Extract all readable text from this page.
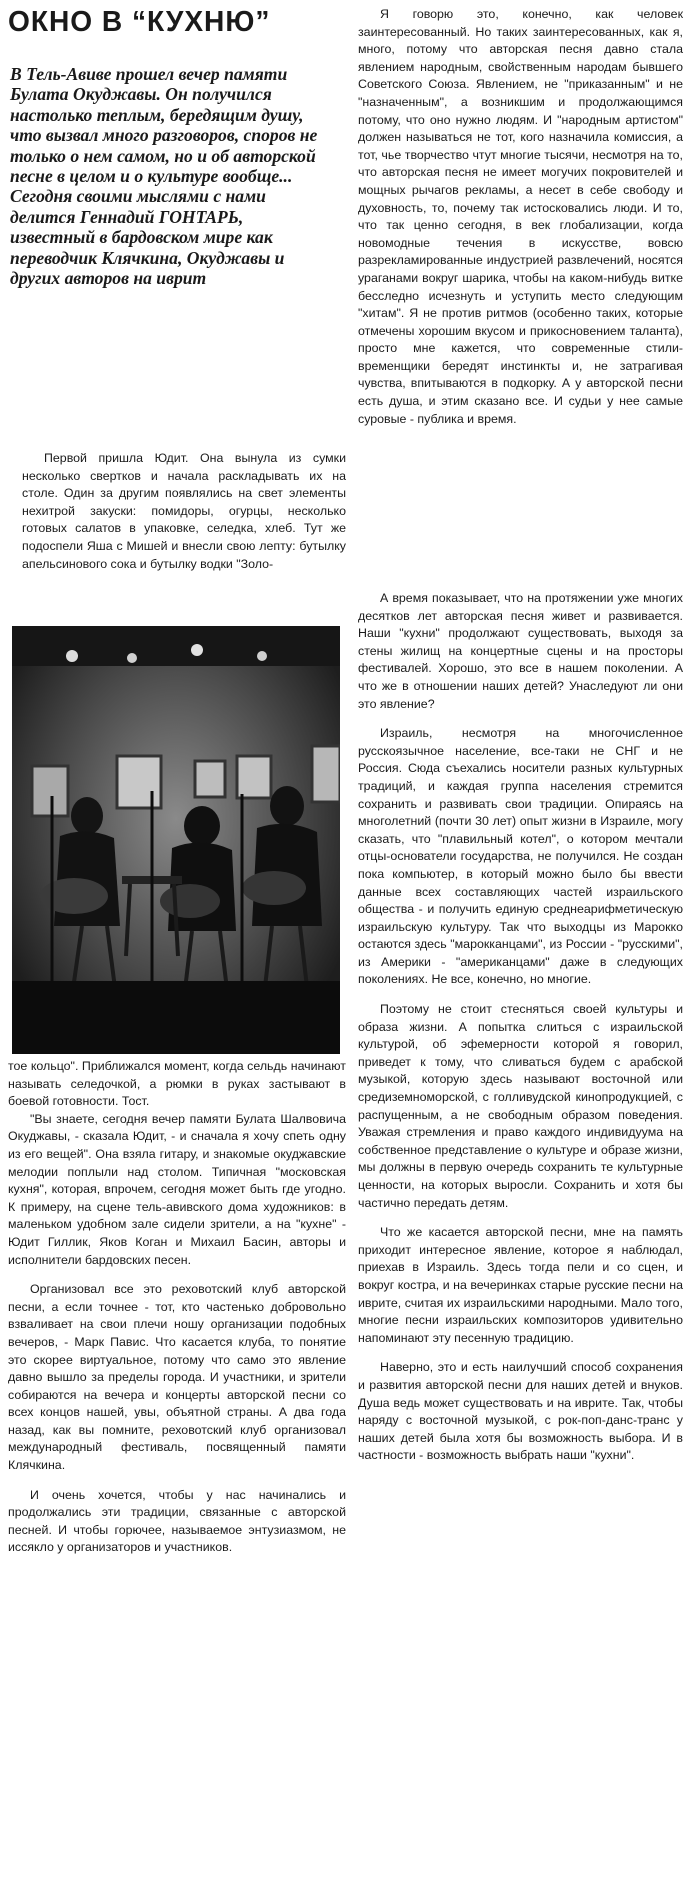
ОКНО В “КУХНЮ”

В Тель-Авиве прошел вечер памяти Булата Окуджавы. Он получился настолько теплым, бередящим душу, что вызвал много разговоров, споров не только о нем самом, но и об авторской песне в целом и о культуре вообще...

Сегодня своими мыслями с нами делится Геннадий ГОНТАРЬ, известный в бардовском мире как переводчик Клячкина, Окуджавы и других авторов на иврит

Первой пришла Юдит. Она вынула из сумки несколько свертков и начала раскладывать их на столе. Один за другим появлялись на свет элементы нехитрой закуски: помидоры, огурцы, несколько готовых салатов в упаковке, селедка, хлеб. Тут же подоспели Яша с Мишей и внесли свою лепту: бутылку апельсинового сока и бутылку водки "Золо-

тое кольцо". Приближался момент, когда сельдь начинают называть селедочкой, а рюмки в руках застывают в боевой готовности. Тост.

"Вы знаете, сегодня вечер памяти Булата Шалвовича Окуджавы, - сказала Юдит, - и сначала я хочу спеть одну из его вещей". Она взяла гитару, и знакомые окуджавские мелодии поплыли над столом. Типичная "московская кухня", которая, впрочем, сегодня может быть где угодно. К примеру, на сцене тель-авивского дома художников: в маленьком удобном зале сидели зрители, а на "кухне" - Юдит Гиллик, Яков Коган и Михаил Басин, авторы и исполнители бардовских песен.

Организовал все это реховотский клуб авторской песни, а если точнее - тот, кто частенько добровольно взваливает на свои плечи ношу организации подобных вечеров, - Марк Павис. Что касается клуба, то понятие это скорее виртуальное, потому что само это явление давно вышло за пределы города. И участники, и зрители собираются на вечера и концерты авторской песни со всех концов нашей, увы, объятной страны. А два года назад, как вы помните, реховотский клуб организовал международный фестиваль, посвященный памяти Клячкина.

И очень хочется, чтобы у нас начинались и продолжались эти традиции, связанные с авторской песней. И чтобы горючее, называемое энтузиазмом, не иссякло у организаторов и участников.

Я говорю это, конечно, как человек заинтересованный. Но таких заинтересованных, как я, много, потому что авторская песня давно стала явлением народным, свойственным народам бывшего Советского Союза. Явлением, не "приказанным" и не "назначенным", а возникшим и продолжающимся потому, что оно нужно людям. И "народным артистом" должен называться не тот, кого назначила комиссия, а тот, чье творчество чтут многие тысячи, несмотря на то, что авторская песня не имеет могучих покровителей и мощных рычагов рекламы, а несет в себе свободу и духовность, то, почему так истосковались люди. И то, что так ценно сегодня, в век глобализации, когда новомодные течения в искусстве, вовсю разрекламированные индустрией развлечений, носятся ураганами вокруг шарика, чтобы на каком-нибудь витке бесследно исчезнуть и уступить место следующим "хитам". Я не против ритмов (особенно таких, которые отмечены хорошим вкусом и прикосновением таланта), просто мне кажется, что современные стили-временщики бередят инстинкты и, не затрагивая чувства, впитываются в подкорку. А у авторской песни есть душа, и этим сказано все. И судьи у нее самые суровые - публика и время.

А время показывает, что на протяжении уже многих десятков лет авторская песня живет и развивается. Наши "кухни" продолжают существовать, выходя за стены жилищ на концертные сцены и на просторы фестивалей. Хорошо, это все в нашем поколении. А что же в отношении наших детей? Унаследуют ли они это явление?

Израиль, несмотря на многочисленное русскоязычное население, все-таки не СНГ и не Россия. Сюда съехались носители разных культурных традиций, и каждая группа населения стремится сохранить и развивать свои традиции. Опираясь на многолетний (почти 30 лет) опыт жизни в Израиле, могу сказать, что "плавильный котел", о котором мечтали отцы-основатели государства, не получился. Не создан пока компьютер, в который можно было бы ввести данные всех составляющих частей израильского общества - и получить единую среднеарифметическую израильскую культуру. Так что выходцы из Марокко остаются здесь "марокканцами", из России - "русскими", из Америки - "американцами" даже в следующих поколениях. Не все, конечно, но многие.

Поэтому не стоит стесняться своей культуры и образа жизни. А попытка слиться с израильской культурой, об эфемерности которой я говорил, приведет к тому, что сливаться будем с арабской музыкой, которую здесь называют восточной или средиземноморской, с голливудской кинопродукцией, с распущенным, а не свободным образом поведения. Уважая стремления и право каждого индивидуума на собственное представление о культуре и образе жизни, мы должны в первую очередь сохранить те культурные ценности, на которых выросли. Сохранить и хотя бы частично передать детям.

Что же касается авторской песни, мне на память приходит интересное явление, которое я наблюдал, приехав в Израиль. Здесь тогда пели и со сцен, и вокруг костра, и на вечеринках старые русские песни на иврите, считая их израильскими народными. Мало того, многие песни израильских композиторов удивительно напоминают эту песенную традицию.

Наверно, это и есть наилучший способ сохранения и развития авторской песни для наших детей и внуков. Душа ведь может существовать и на иврите. Так, чтобы наряду с восточной музыкой, с рок-поп-данс-транс у наших детей была хотя бы возможность выбора. И в частности - возможность выбрать наши "кухни".
